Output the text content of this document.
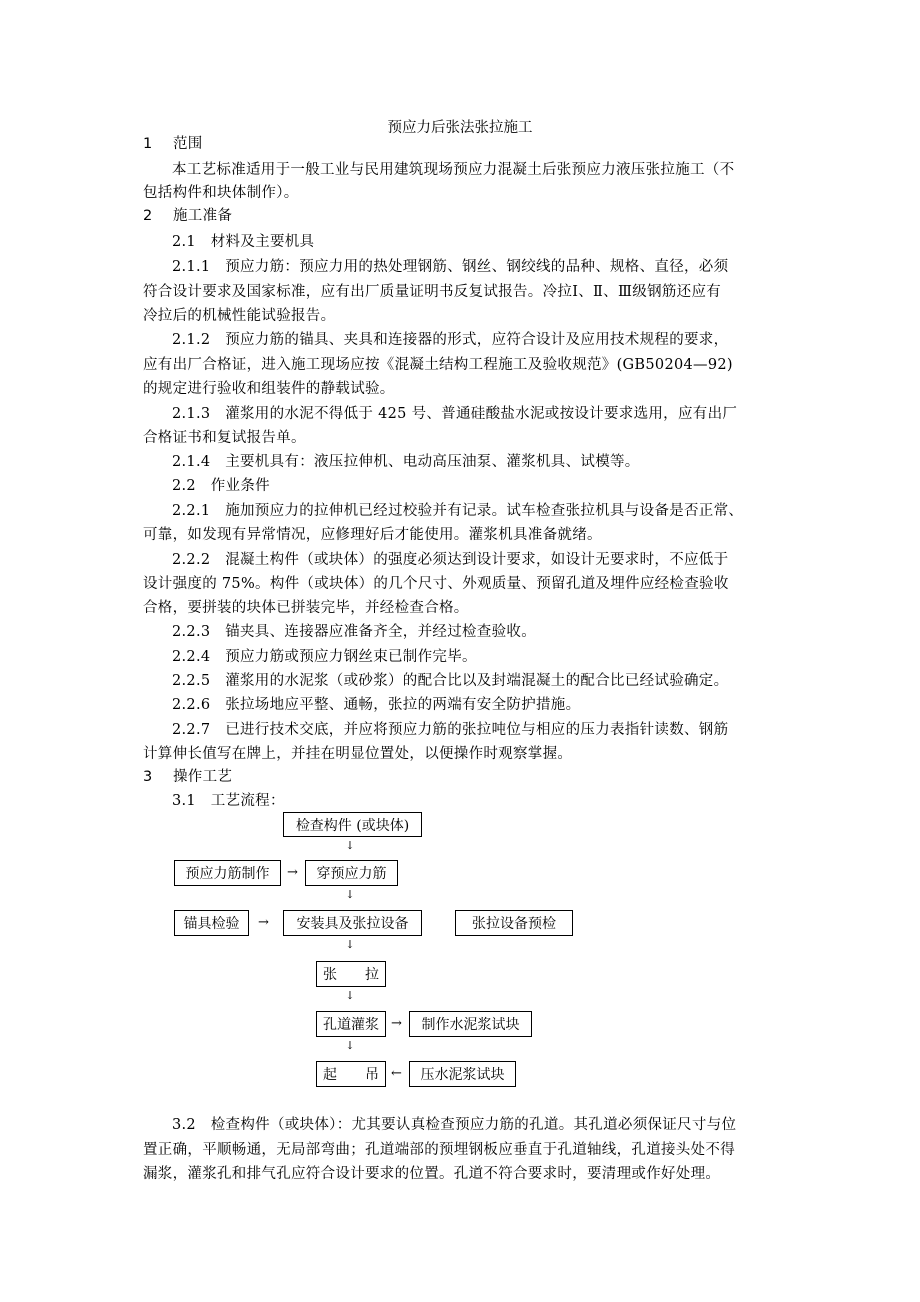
预应力后张法张拉施工
1 范围
本工艺标准适用于一般工业与民用建筑现场预应力混凝土后张预应力液压张拉施工（不
包括构件和块体制作）。
2 施工准备
2.1　材料及主要机具
2.1.1　预应力筋：预应力用的热处理钢筋、钢丝、钢绞线的品种、规格、直径，必须
符合设计要求及国家标准，应有出厂质量证明书反复试报告。冷拉Ⅰ、Ⅱ、Ⅲ级钢筋还应有
冷拉后的机械性能试验报告。
2.1.2　预应力筋的锚具、夹具和连接器的形式，应符合设计及应用技术规程的要求，
应有出厂合格证，进入施工现场应按《混凝土结构工程施工及验收规范》(GB50204—92)
的规定进行验收和组装件的静载试验。
2.1.3　灌浆用的水泥不得低于 425 号、普通硅酸盐水泥或按设计要求选用，应有出厂
合格证书和复试报告单。
2.1.4　主要机具有：液压拉伸机、电动高压油泵、灌浆机具、试模等。
2.2　作业条件
2.2.1　施加预应力的拉伸机已经过校验并有记录。试车检查张拉机具与设备是否正常、
可靠，如发现有异常情况，应修理好后才能使用。灌浆机具准备就绪。
2.2.2　混凝土构件（或块体）的强度必须达到设计要求，如设计无要求时，不应低于
设计强度的 75%。构件（或块体）的几个尺寸、外观质量、预留孔道及埋件应经检查验收
合格，要拼装的块体已拼装完毕，并经检查合格。
2.2.3　锚夹具、连接器应准备齐全，并经过检查验收。
2.2.4　预应力筋或预应力钢丝束已制作完毕。
2.2.5　灌浆用的水泥浆（或砂浆）的配合比以及封端混凝土的配合比已经试验确定。
2.2.6　张拉场地应平整、通畅，张拉的两端有安全防护措施。
2.2.7　已进行技术交底，并应将预应力筋的张拉吨位与相应的压力表指针读数、钢筋
计算伸长值写在牌上，并挂在明显位置处，以便操作时观察掌握。
3 操作工艺
3.1　工艺流程：
检查构件 (或块体)
↓
预应力筋制作	→	穿预应力筋
↓
锚具检验	→	安装具及张拉设备	张拉设备预检
↓
张　　拉
↓
孔道灌浆 →	制作水泥浆试块
↓
起　　吊 ←	压水泥浆试块
3.2　检查构件（或块体）：尤其要认真检查预应力筋的孔道。其孔道必须保证尺寸与位
置正确，平顺畅通，无局部弯曲；孔道端部的预埋钢板应垂直于孔道轴线，孔道接头处不得
漏浆，灌浆孔和排气孔应符合设计要求的位置。孔道不符合要求时，要清理或作好处理。
